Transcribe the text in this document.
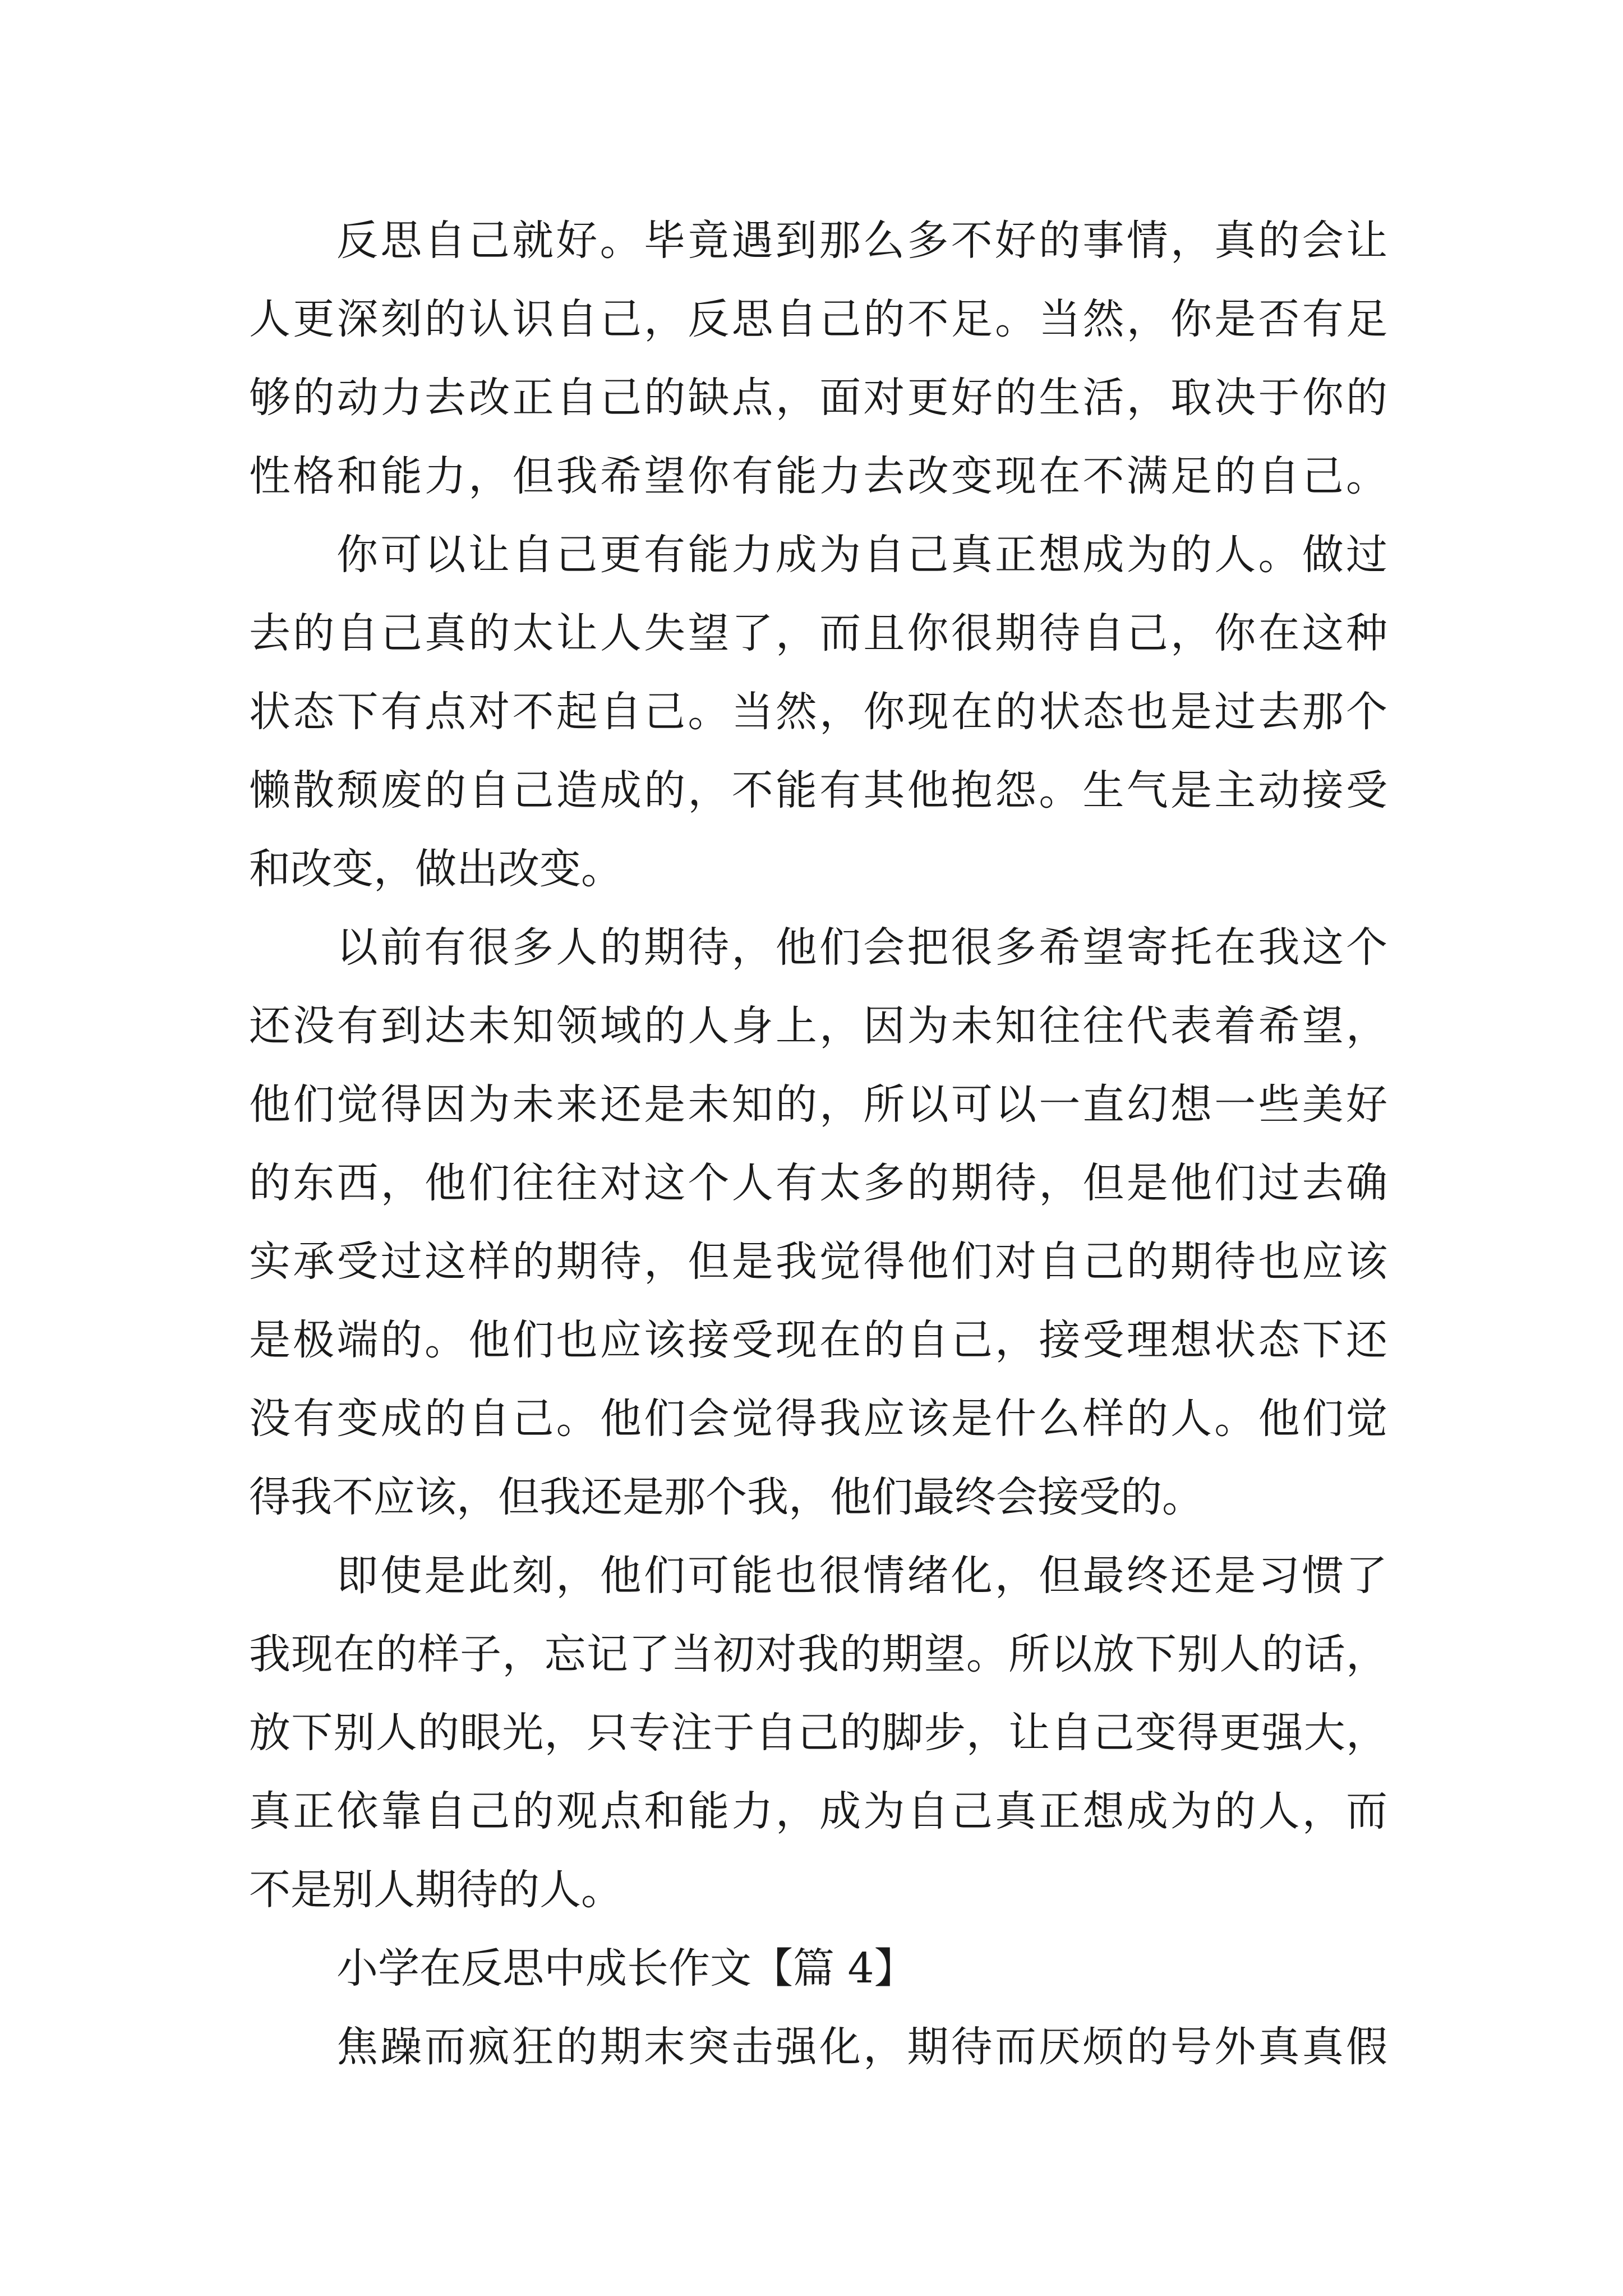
反思自己就好。毕竟遇到那么多不好的事情，真的会让
人更深刻的认识自己，反思自己的不足。当然，你是否有足
够的动力去改正自己的缺点，面对更好的生活，取决于你的
性格和能力，但我希望你有能力去改变现在不满足的自己。
你可以让自己更有能力成为自己真正想成为的人。做过
去的自己真的太让人失望了，而且你很期待自己，你在这种
状态下有点对不起自己。当然，你现在的状态也是过去那个
懒散颓废的自己造成的，不能有其他抱怨。生气是主动接受
和改变，做出改变。
以前有很多人的期待，他们会把很多希望寄托在我这个
还没有到达未知领域的人身上，因为未知往往代表着希望，
他们觉得因为未来还是未知的，所以可以一直幻想一些美好
的东西，他们往往对这个人有太多的期待，但是他们过去确
实承受过这样的期待，但是我觉得他们对自己的期待也应该
是极端的。他们也应该接受现在的自己，接受理想状态下还
没有变成的自己。他们会觉得我应该是什么样的人。他们觉
得我不应该，但我还是那个我，他们最终会接受的。
即使是此刻，他们可能也很情绪化，但最终还是习惯了
我现在的样子，忘记了当初对我的期望。所以放下别人的话，
放下别人的眼光，只专注于自己的脚步，让自己变得更强大，
真正依靠自己的观点和能力，成为自己真正想成为的人，而
不是别人期待的人。
小学在反思中成长作文【篇 4】
焦躁而疯狂的期末突击强化，期待而厌烦的号外真真假
